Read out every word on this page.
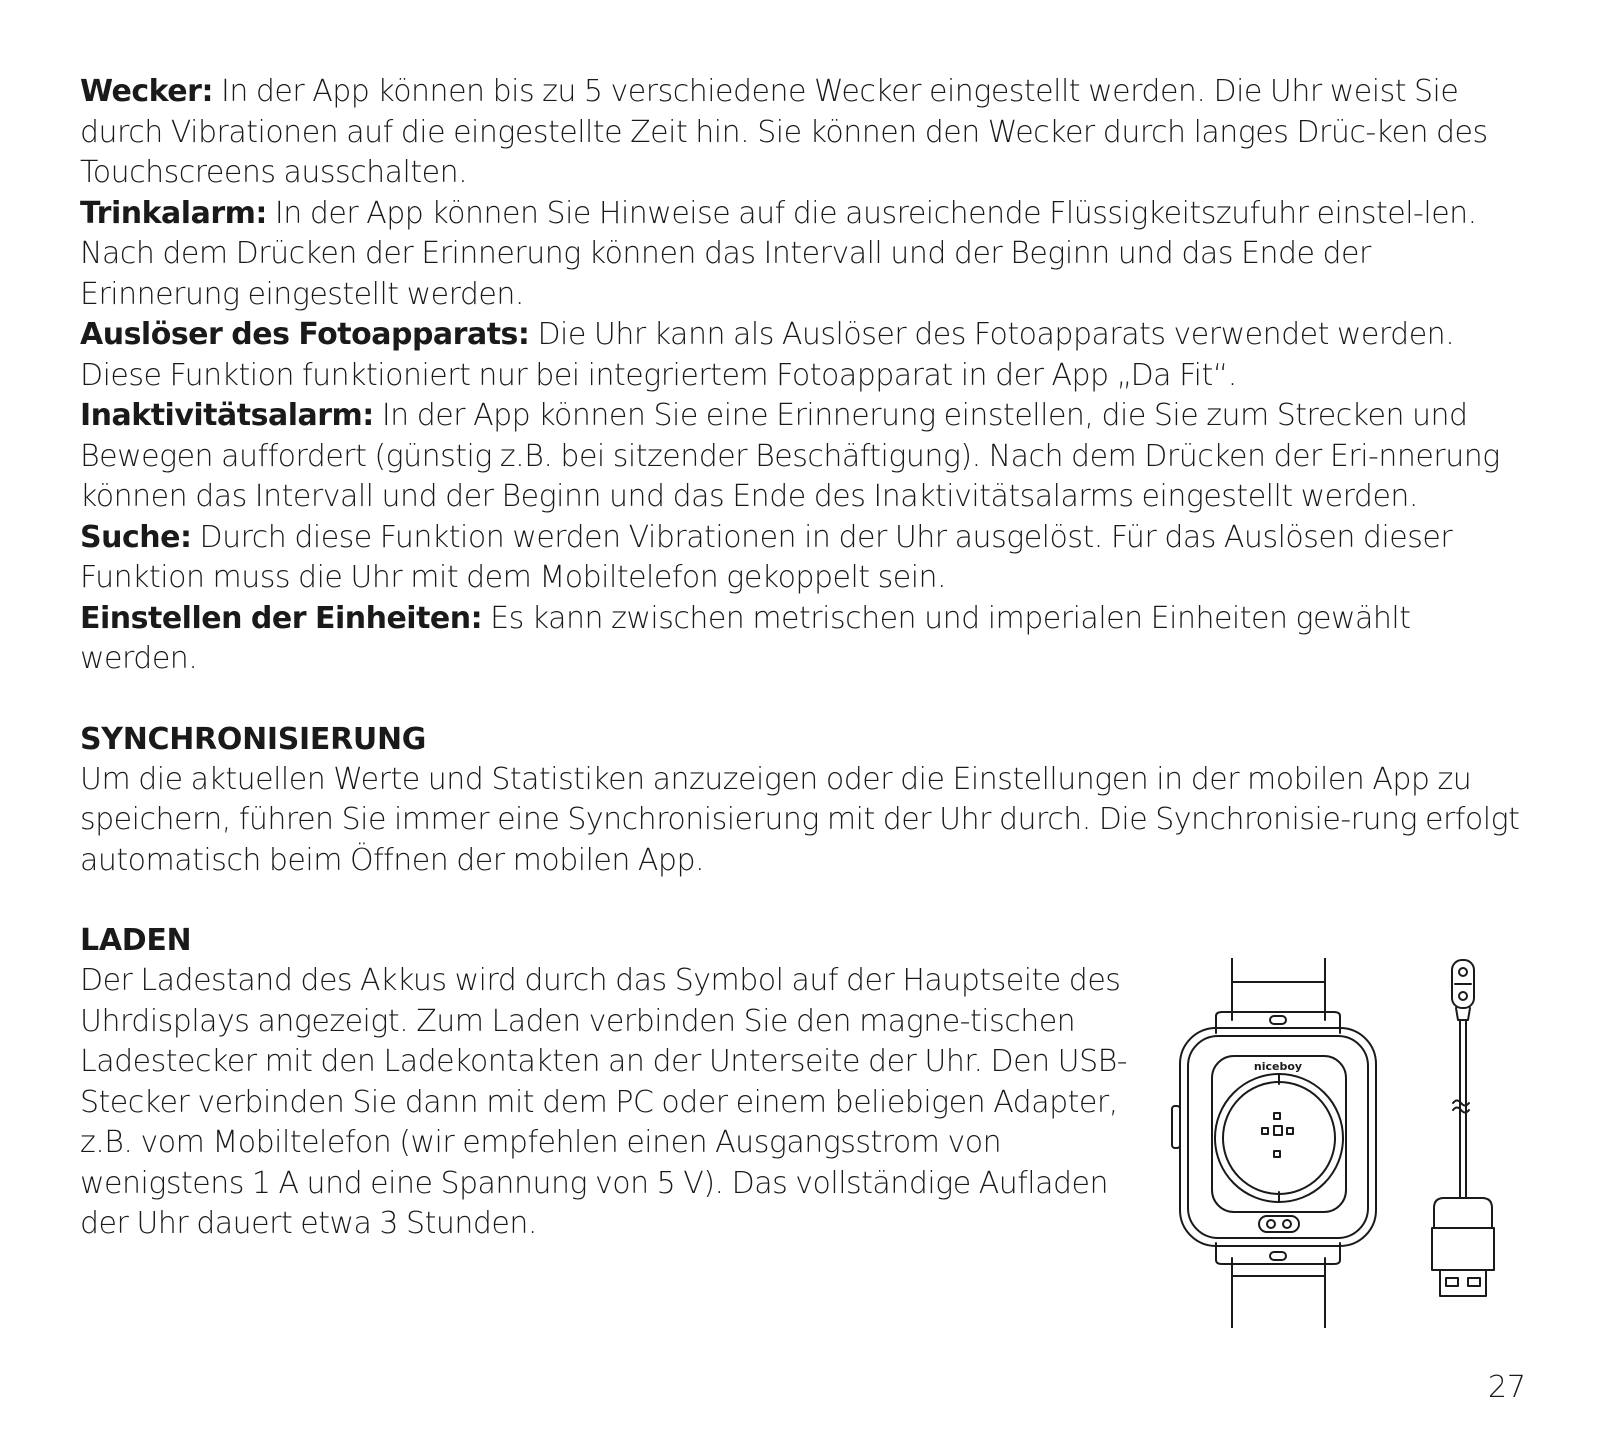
Wecker: In der App können bis zu 5 verschiedene Wecker eingestellt werden. Die Uhr weist Sie durch Vibrationen auf die eingestellte Zeit hin. Sie können den Wecker durch langes Drüc-ken des Touchscreens ausschalten.

Trinkalarm: In der App können Sie Hinweise auf die ausreichende Flüssigkeitszufuhr einstel-len. Nach dem Drücken der Erinnerung können das Intervall und der Beginn und das Ende der Erinnerung eingestellt werden.

Auslöser des Fotoapparats: Die Uhr kann als Auslöser des Fotoapparats verwendet werden. Diese Funktion funktioniert nur bei integriertem Fotoapparat in der App „Da Fit“.

Inaktivitätsalarm: In der App können Sie eine Erinnerung einstellen, die Sie zum Strecken und Bewegen auffordert (günstig z.B. bei sitzender Beschäftigung). Nach dem Drücken der Eri-nnerung können das Intervall und der Beginn und das Ende des Inaktivitätsalarms eingestellt werden.

Suche: Durch diese Funktion werden Vibrationen in der Uhr ausgelöst. Für das Auslösen dieser Funktion muss die Uhr mit dem Mobiltelefon gekoppelt sein.

Einstellen der Einheiten: Es kann zwischen metrischen und imperialen Einheiten gewählt werden.

SYNCHRONISIERUNG

Um die aktuellen Werte und Statistiken anzuzeigen oder die Einstellungen in der mobilen App zu speichern, führen Sie immer eine Synchronisierung mit der Uhr durch. Die Synchronisie-rung erfolgt automatisch beim Öffnen der mobilen App.

LADEN

Der Ladestand des Akkus wird durch das Symbol auf der Hauptseite des Uhrdisplays angezeigt. Zum Laden verbinden Sie den magne-tischen Ladestecker mit den Ladekontakten an der Unterseite der Uhr. Den USB-Stecker verbinden Sie dann mit dem PC oder einem beliebigen Adapter, z.B. vom Mobiltelefon (wir empfehlen einen Ausgangsstrom von wenigstens 1 A und eine Spannung von 5 V). Das vollständige Aufladen der Uhr dauert etwa 3 Stunden.

niceboy
27
